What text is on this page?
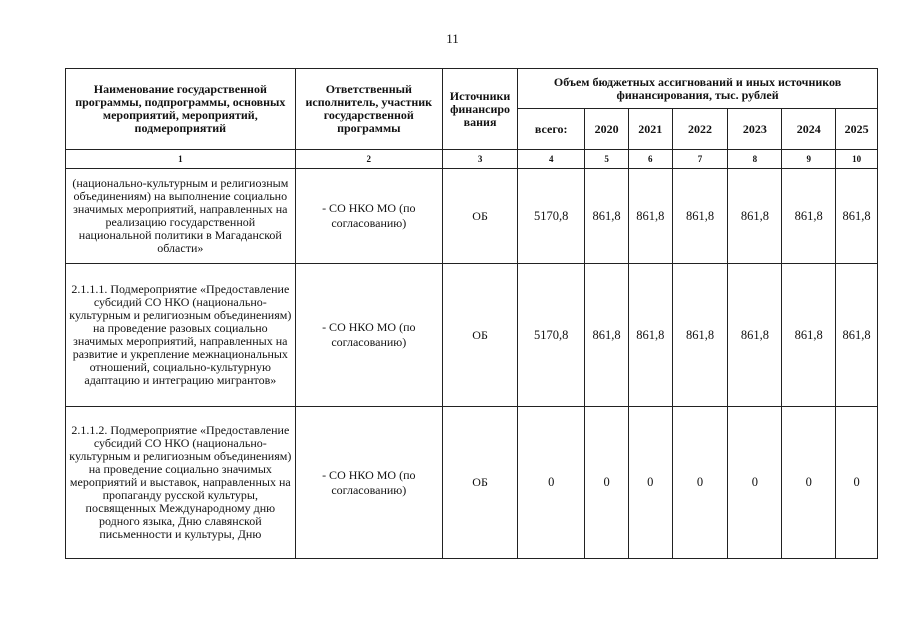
11
Наименование государственной программы, подпрограммы, основных мероприятий, мероприятий, подмероприятий	Ответственный исполнитель, участник государственной программы	Источники финансиро вания	Объем бюджетных ассигнований и иных источников финансирования, тыс. рублей						
			всего:	2020	2021	2022	2023	2024	2025
1	2	3	4	5	6	7	8	9	10
(национально-культурным и религиозным объединениям) на выполнение социально значимых мероприятий, направленных на реализацию государственной национальной политики в Магаданской области»	- СО НКО МО (по согласованию)	ОБ	5170,8	861,8	861,8	861,8	861,8	861,8	861,8
2.1.1.1. Подмероприятие «Предоставление субсидий СО НКО (национально-культурным и религиозным объединениям) на проведение разовых социально значимых мероприятий, направленных на развитие и укрепление межнациональных отношений, социально-культурную адаптацию и интеграцию мигрантов»	- СО НКО МО (по согласованию)	ОБ	5170,8	861,8	861,8	861,8	861,8	861,8	861,8
2.1.1.2. Подмероприятие «Предоставление субсидий СО НКО (национально-культурным и религиозным объединениям) на проведение социально значимых мероприятий и выставок, направленных на пропаганду русской культуры, посвященных Международному дню родного языка, Дню славянской письменности и культуры, Дню	- СО НКО МО (по согласованию)	ОБ	0	0	0	0	0	0	0
